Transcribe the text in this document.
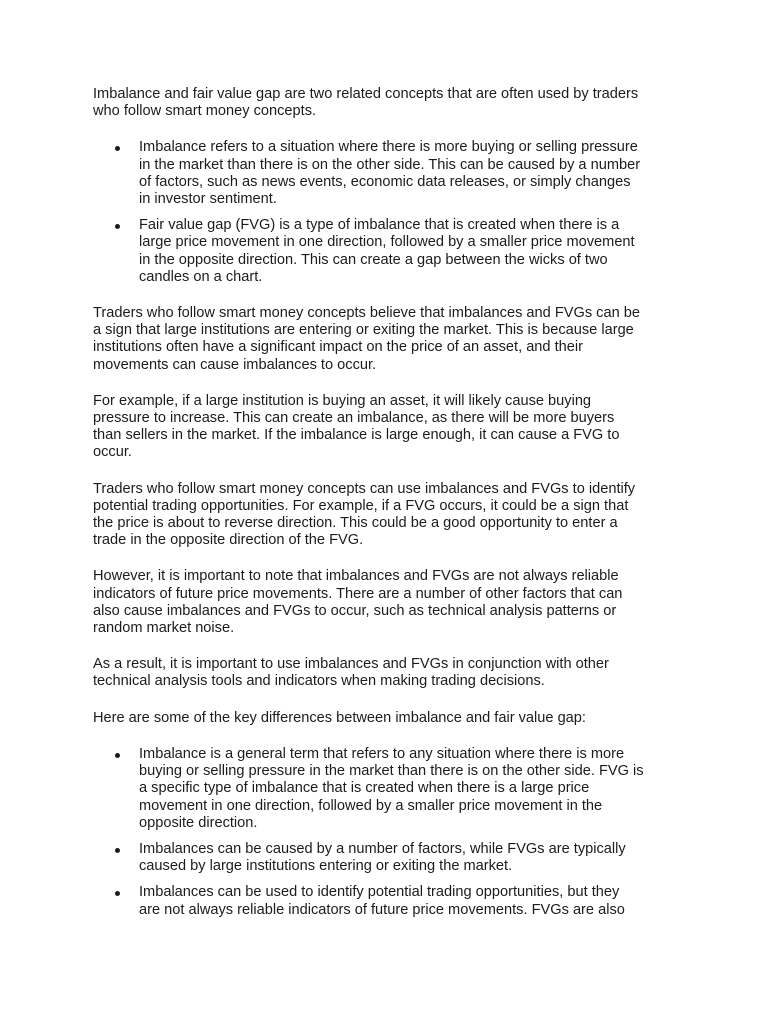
Imbalance and fair value gap are two related concepts that are often used by traders
who follow smart money concepts.

Imbalance refers to a situation where there is more buying or selling pressure
in the market than there is on the other side. This can be caused by a number
of factors, such as news events, economic data releases, or simply changes
in investor sentiment.
Fair value gap (FVG) is a type of imbalance that is created when there is a
large price movement in one direction, followed by a smaller price movement
in the opposite direction. This can create a gap between the wicks of two
candles on a chart.

Traders who follow smart money concepts believe that imbalances and FVGs can be
a sign that large institutions are entering or exiting the market. This is because large
institutions often have a significant impact on the price of an asset, and their
movements can cause imbalances to occur.

For example, if a large institution is buying an asset, it will likely cause buying
pressure to increase. This can create an imbalance, as there will be more buyers
than sellers in the market. If the imbalance is large enough, it can cause a FVG to
occur.

Traders who follow smart money concepts can use imbalances and FVGs to identify
potential trading opportunities. For example, if a FVG occurs, it could be a sign that
the price is about to reverse direction. This could be a good opportunity to enter a
trade in the opposite direction of the FVG.

However, it is important to note that imbalances and FVGs are not always reliable
indicators of future price movements. There are a number of other factors that can
also cause imbalances and FVGs to occur, such as technical analysis patterns or
random market noise.

As a result, it is important to use imbalances and FVGs in conjunction with other
technical analysis tools and indicators when making trading decisions.

Here are some of the key differences between imbalance and fair value gap:

Imbalance is a general term that refers to any situation where there is more
buying or selling pressure in the market than there is on the other side. FVG is
a specific type of imbalance that is created when there is a large price
movement in one direction, followed by a smaller price movement in the
opposite direction.
Imbalances can be caused by a number of factors, while FVGs are typically
caused by large institutions entering or exiting the market.
Imbalances can be used to identify potential trading opportunities, but they
are not always reliable indicators of future price movements. FVGs are also
